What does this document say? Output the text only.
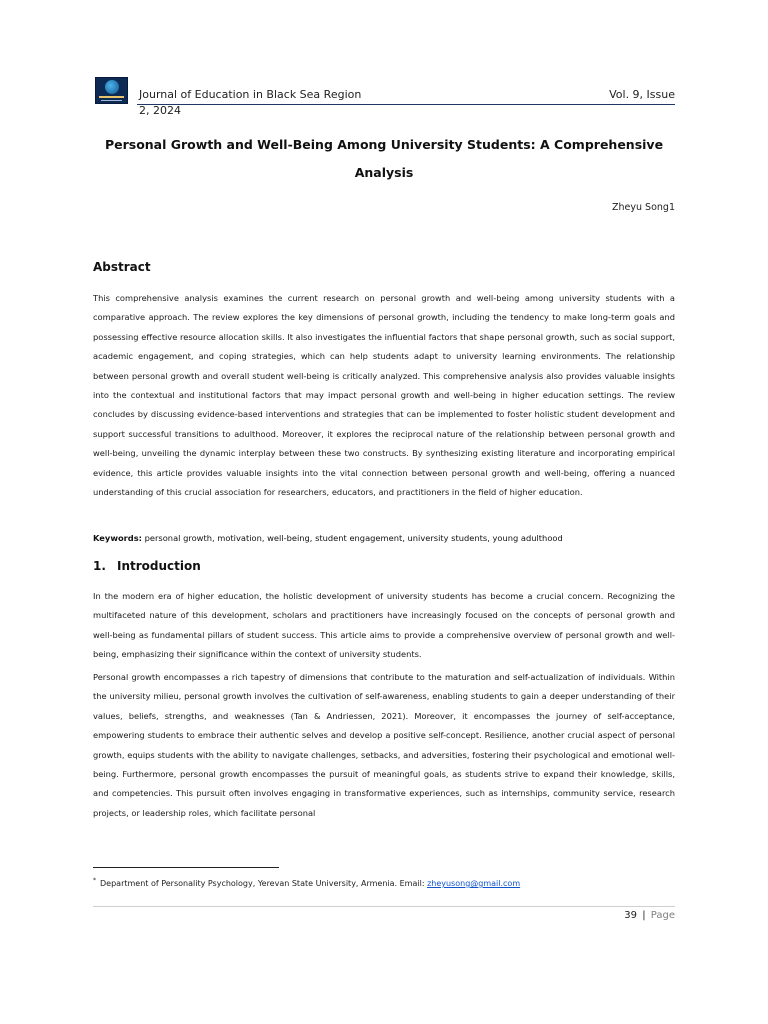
Journal of Education in Black Sea Region	Vol. 9, Issue
2, 2024
Personal Growth and Well-Being Among University Students: A Comprehensive Analysis
Zheyu Song1
Abstract

This comprehensive analysis examines the current research on personal growth and well-being among university students with a comparative approach. The review explores the key dimensions of personal growth, including the tendency to make long-term goals and possessing effective resource allocation skills. It also investigates the influential factors that shape personal growth, such as social support, academic engagement, and coping strategies, which can help students adapt to university learning environments. The relationship between personal growth and overall student well-being is critically analyzed. This comprehensive analysis also provides valuable insights into the contextual and institutional factors that may impact personal growth and well-being in higher education settings. The review concludes by discussing evidence-based interventions and strategies that can be implemented to foster holistic student development and support successful transitions to adulthood. Moreover, it explores the reciprocal nature of the relationship between personal growth and well-being, unveiling the dynamic interplay between these two constructs. By synthesizing existing literature and incorporating empirical evidence, this article provides valuable insights into the vital connection between personal growth and well-being, offering a nuanced understanding of this crucial association for researchers, educators, and practitioners in the field of higher education.

Keywords: personal growth, motivation, well-being, student engagement, university students, young adulthood
1. Introduction

In the modern era of higher education, the holistic development of university students has become a crucial concern. Recognizing the multifaceted nature of this development, scholars and practitioners have increasingly focused on the concepts of personal growth and well-being as fundamental pillars of student success. This article aims to provide a comprehensive overview of personal growth and well-being, emphasizing their significance within the context of university students.

Personal growth encompasses a rich tapestry of dimensions that contribute to the maturation and self-actualization of individuals. Within the university milieu, personal growth involves the cultivation of self-awareness, enabling students to gain a deeper understanding of their values, beliefs, strengths, and weaknesses (Tan & Andriessen, 2021). Moreover, it encompasses the journey of self-acceptance, empowering students to embrace their authentic selves and develop a positive self-concept. Resilience, another crucial aspect of personal growth, equips students with the ability to navigate challenges, setbacks, and adversities, fostering their psychological and emotional well-being. Furthermore, personal growth encompasses the pursuit of meaningful goals, as students strive to expand their knowledge, skills, and competencies. This pursuit often involves engaging in transformative experiences, such as internships, community service, research projects, or leadership roles, which facilitate personal

* Department of Personality Psychology, Yerevan State University, Armenia. Email: zheyusong@gmail.com
39 | Page
